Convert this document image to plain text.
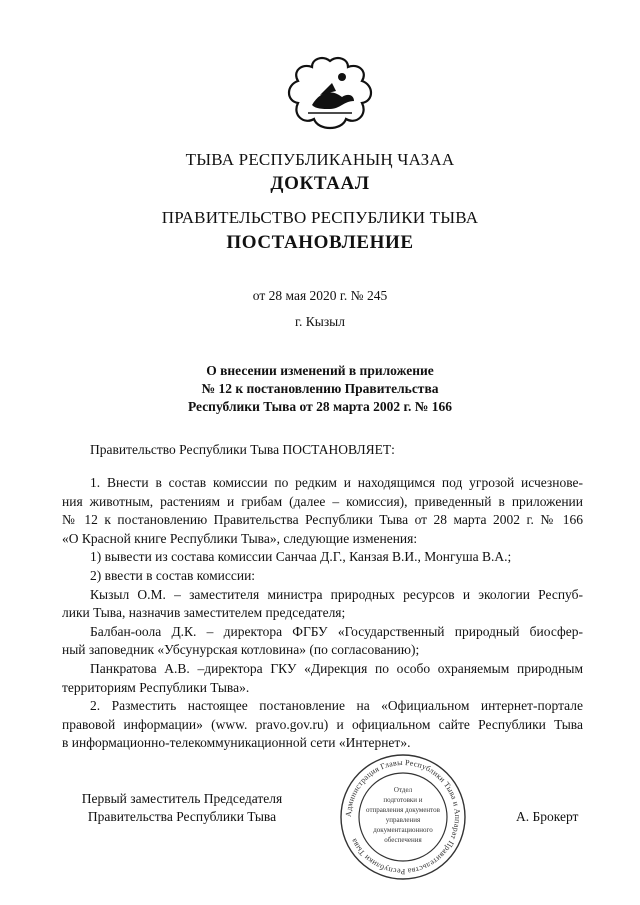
ТЫВА РЕСПУБЛИКАНЫҢ ЧАЗАА
ДОКТААЛ
ПРАВИТЕЛЬСТВО РЕСПУБЛИКИ ТЫВА
ПОСТАНОВЛЕНИЕ
от 28 мая 2020 г. № 245
г. Кызыл
О внесении изменений в приложение
№ 12 к постановлению Правительства
Республики Тыва от 28 марта 2002 г. № 166
Правительство Республики Тыва ПОСТАНОВЛЯЕТ:
1. Внести в состав комиссии по редким и находящимся под угрозой исчезнове-
ния животным, растениям и грибам (далее – комиссия), приведенный в приложении
№ 12 к постановлению Правительства Республики Тыва от 28 марта 2002 г. № 166
«О Красной книге Республики Тыва», следующие изменения:
1) вывести из состава комиссии Санчаа Д.Г., Канзая В.И., Монгуша В.А.;
2) ввести в состав комиссии:
Кызыл О.М. – заместителя министра природных ресурсов и экологии Респуб-
лики Тыва, назначив заместителем председателя;
Балбан-оола Д.К. – директора ФГБУ «Государственный природный биосфер-
ный заповедник «Убсунурская котловина» (по согласованию);
Панкратова А.В. –директора ГКУ «Дирекция по особо охраняемым природным
территориям Республики Тыва».
2. Разместить настоящее постановление на «Официальном интернет-портале
правовой информации» (www. pravo.gov.ru) и официальном сайте Республики Тыва
в информационно-телекоммуникационной сети «Интернет».
Первый заместитель Председателя
Правительства Республики Тыва	А. Брокерт
Администрация Главы Республики Тыва и Аппарат Правительства Республики Тыва
Отдел
подготовки и
отправления документов
управления
документационного
обеспечения
